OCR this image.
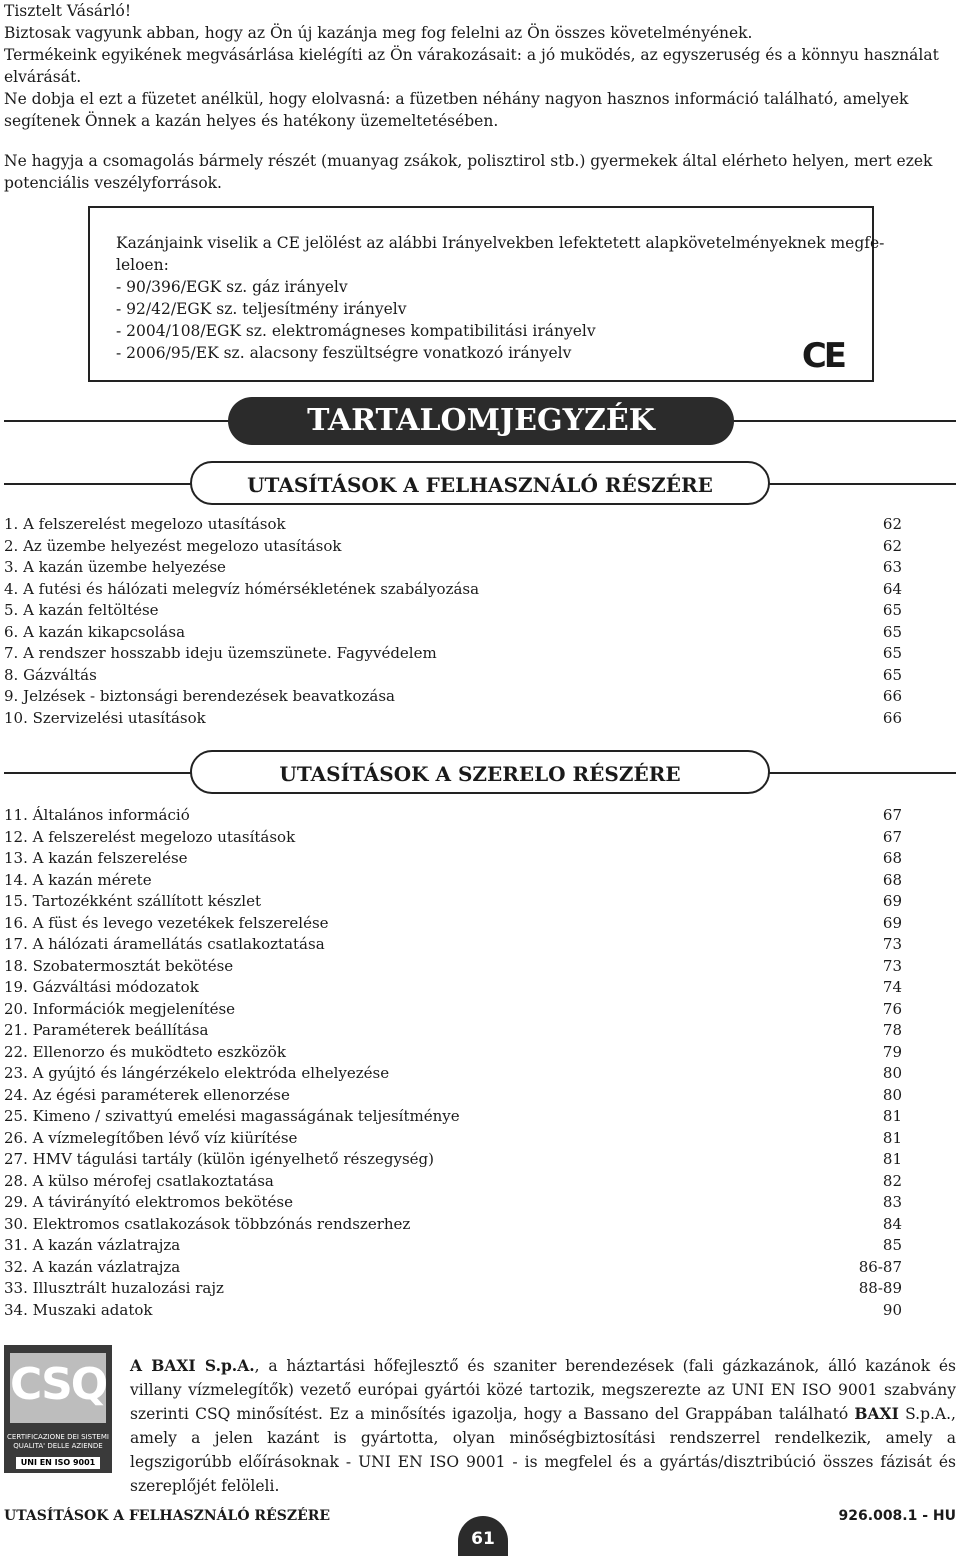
Tisztelt Vásárló!

Biztosak vagyunk abban, hogy az Ön új kazánja meg fog felelni az Ön összes követelményének.

Termékeink egyikének megvásárlása kielégíti az Ön várakozásait: a jó muködés, az egyszeruség és a könnyu használat elvárását.

Ne dobja el ezt a füzetet anélkül, hogy elolvasná: a füzetben néhány nagyon hasznos információ található, amelyek segítenek Önnek a kazán helyes és hatékony üzemeltetésében.

Ne hagyja a csomagolás bármely részét (muanyag zsákok, polisztirol stb.) gyermekek által elérheto helyen, mert ezek potenciális veszélyforrások.

Kazánjaink viselik a CE jelölést az alábbi Irányelvekben lefektetett alapkövetelményeknek megfe-
leloen:
- 90/396/EGK sz. gáz irányelv
- 92/42/EGK sz. teljesítmény irányelv
- 2004/108/EGK sz. elektromágneses kompatibilitási irányelv
- 2006/95/EK sz. alacsony feszültségre vonatkozó irányelv	CE
TARTALOMJEGYZÉK
UTASÍTÁSOK A FELHASZNÁLÓ RÉSZÉRE
1. A felszerelést megelozo utasítások	62
2. Az üzembe helyezést megelozo utasítások	62
3. A kazán üzembe helyezése	63
4. A futési és hálózati melegvíz hómérsékletének szabályozása	64
5. A kazán feltöltése	65
6. A kazán kikapcsolása	65
7. A rendszer hosszabb ideju üzemszünete. Fagyvédelem	65
8. Gázváltás	65
9. Jelzések - biztonsági berendezések beavatkozása	66
10. Szervizelési utasítások	66
UTASÍTÁSOK A SZERELO RÉSZÉRE
11. Általános információ	67
12. A felszerelést megelozo utasítások	67
13. A kazán felszerelése	68
14. A kazán mérete	68
15. Tartozékként szállított készlet	69
16. A füst és levego vezetékek felszerelése	69
17. A hálózati áramellátás csatlakoztatása	73
18. Szobatermosztát bekötése	73
19. Gázváltási módozatok	74
20. Információk megjelenítése	76
21. Paraméterek beállítása	78
22. Ellenorzo és muködteto eszközök	79
23. A gyújtó és lángérzékelo elektróda elhelyezése	80
24. Az égési paraméterek ellenorzése	80
25. Kimeno / szivattyú emelési magasságának teljesítménye	81
26. A vízmelegítőben lévő víz kiürítése	81
27. HMV tágulási tartály (külön igényelhető részegység)	81
28. A külso mérofej csatlakoztatása	82
29. A távirányító elektromos bekötése	83
30. Elektromos csatlakozások többzónás rendszerhez	84
31. A kazán vázlatrajza	85
32. A kazán vázlatrajza	86-87
33. Illusztrált huzalozási rajz	88-89
34. Muszaki adatok	90
CSQ
CERTIFICAZIONE DEI SISTEMI
QUALITA' DELLE AZIENDE
UNI EN ISO 9001
A BAXI S.p.A., a háztartási hőfejlesztő és szaniter berendezések (fali gázkazánok, álló kazánok és villany vízmelegítők) vezető európai gyártói közé tartozik, megszerezte az UNI EN ISO 9001 szabvány szerinti CSQ minősítést. Ez a minősítés igazolja, hogy a Bassano del Grappában található BAXI S.p.A., amely a jelen kazánt is gyártotta, olyan minőségbiztosítási rendszerrel rendelkezik, amely a legszigorúbb előírásoknak - UNI EN ISO 9001 - is megfelel és a gyártás/disztribúció összes fázisát és szereplőjét felöleli.
UTASÍTÁSOK A FELHASZNÁLÓ RÉSZÉRE
61
926.008.1 - HU
